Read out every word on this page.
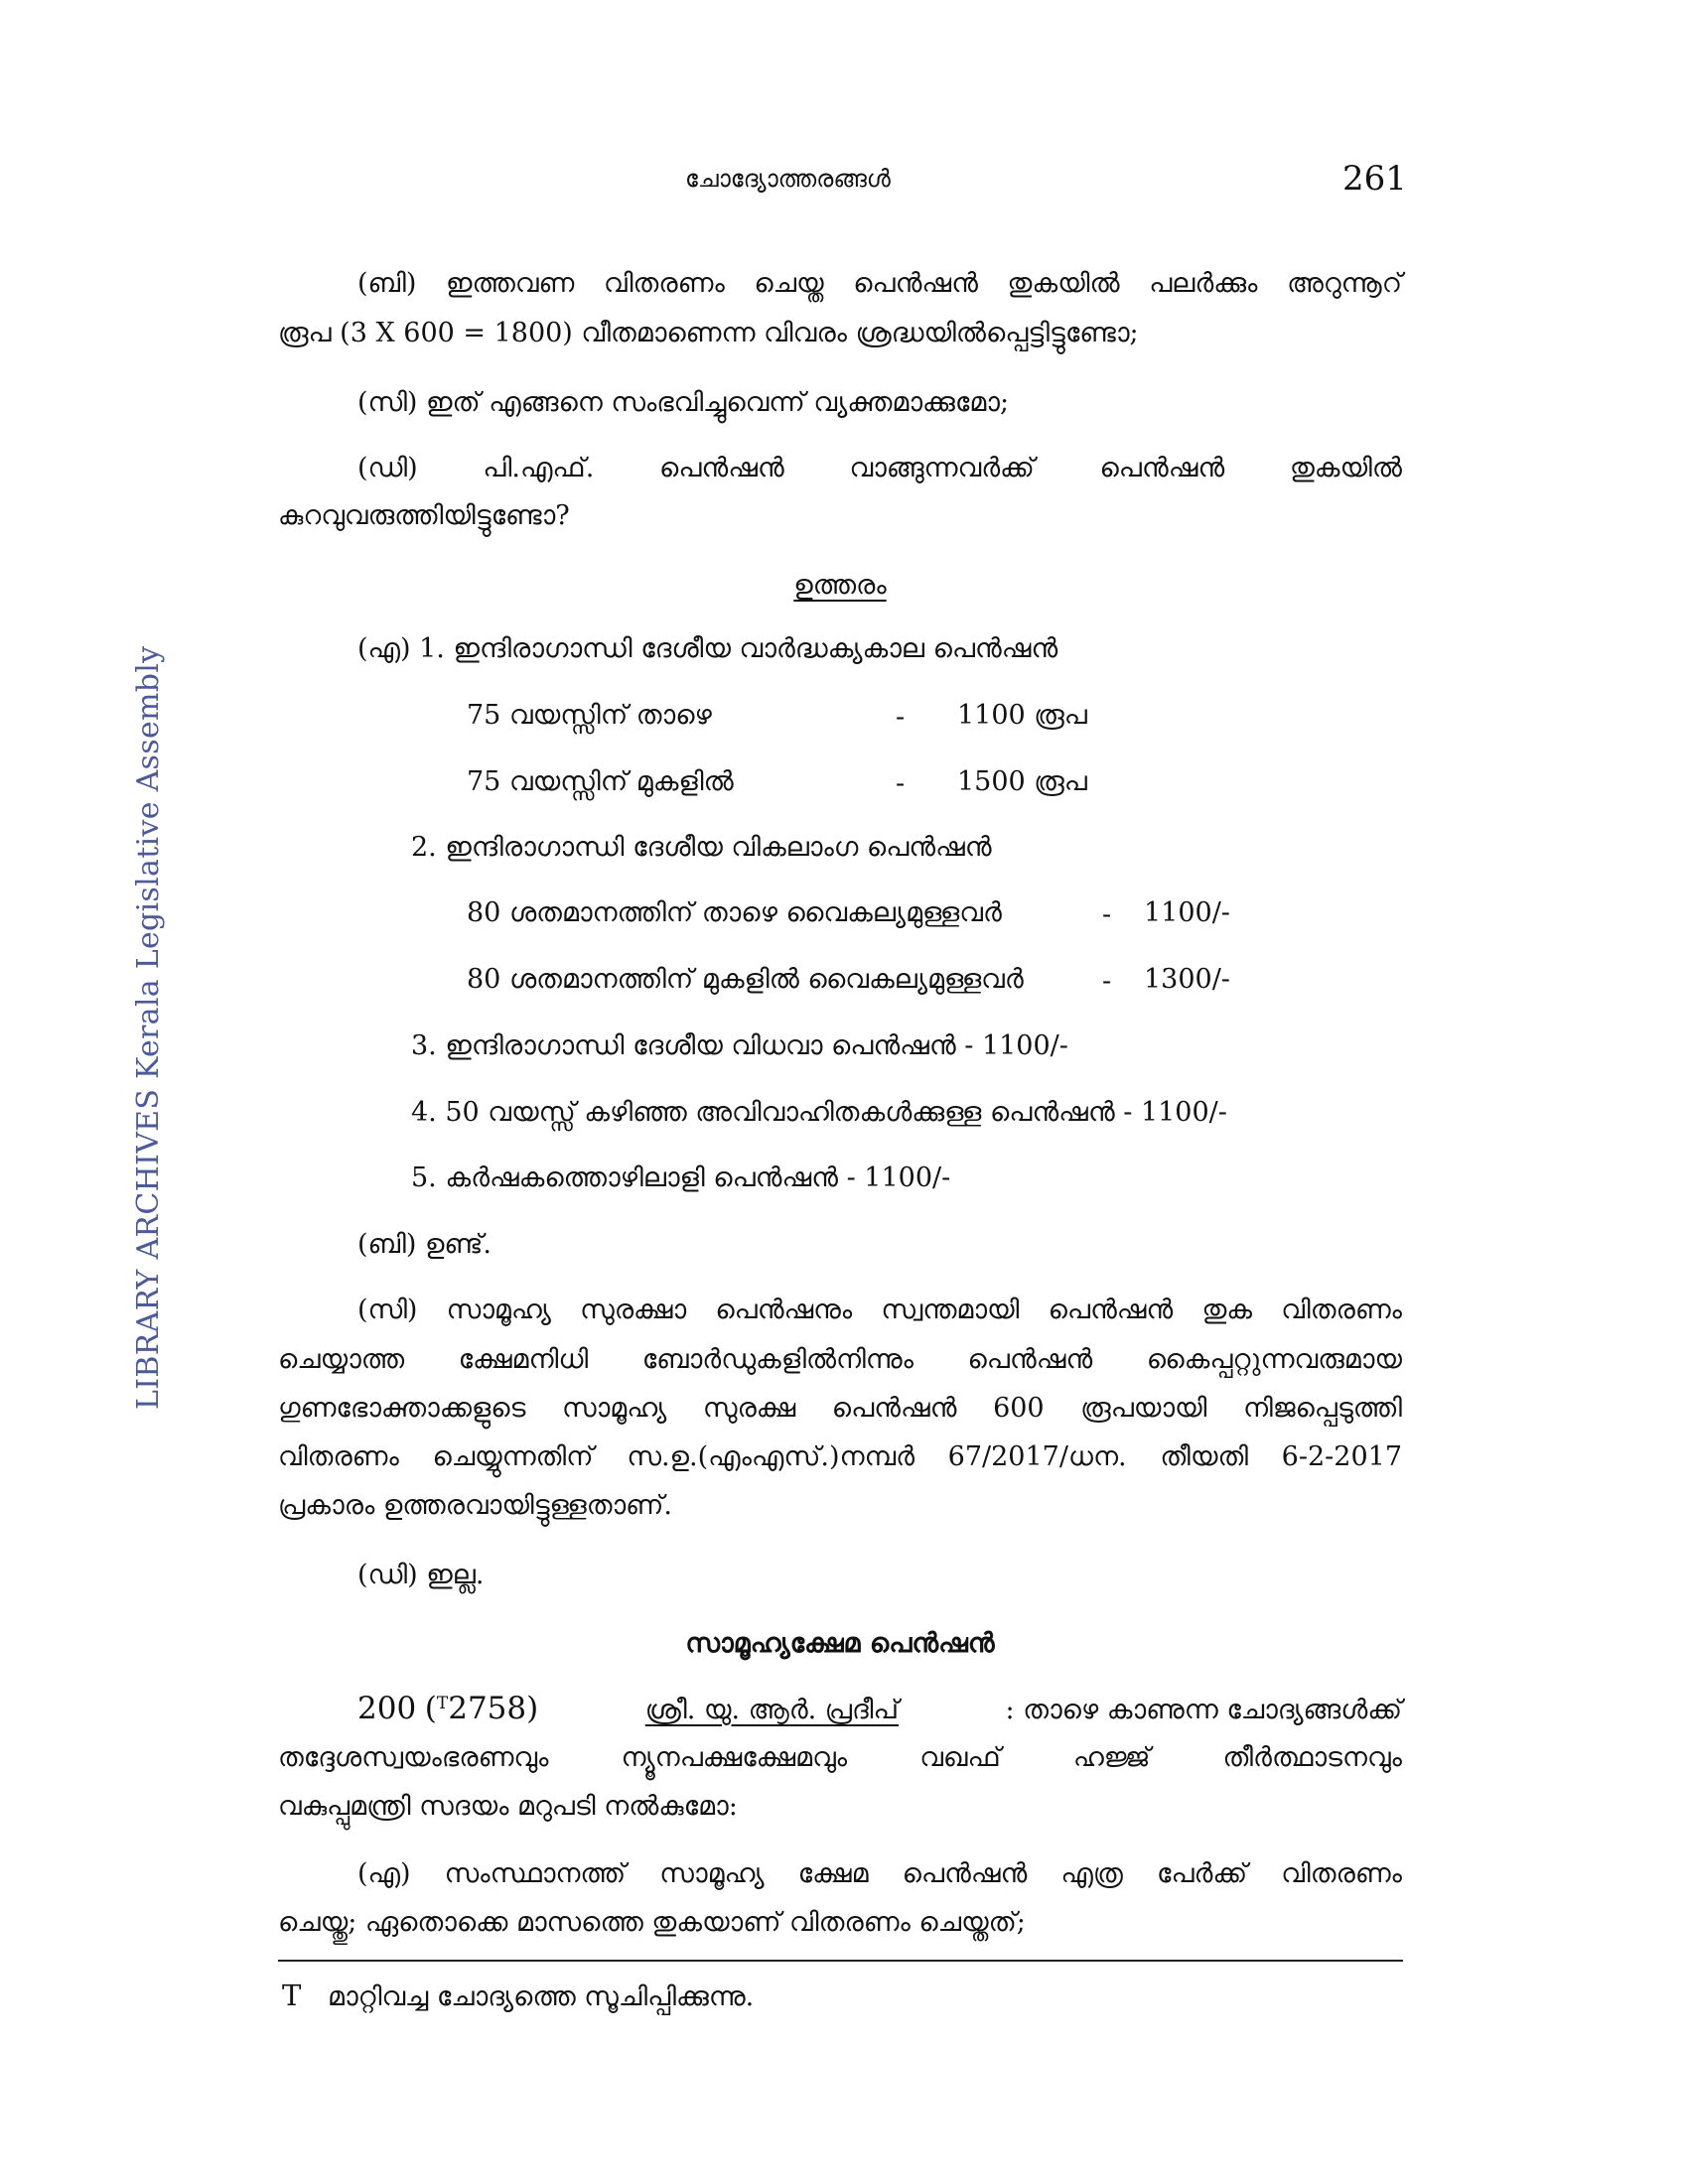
ചോദ്യോത്തരങ്ങൾ	261
LIBRARY ARCHIVES Kerala Legislative Assembly
(ബി) ഇത്തവണ വിതരണം ചെയ്ത പെൻഷൻ തുകയിൽ പലർക്കും അറുന്നൂറ്
രൂപ (3 X 600 = 1800) വീതമാണെന്ന വിവരം ശ്രദ്ധയിൽപ്പെട്ടിട്ടുണ്ടോ;
(സി) ഇത് എങ്ങനെ സംഭവിച്ചുവെന്ന് വ്യക്തമാക്കുമോ;
(ഡി) പി.എഫ്. പെൻഷൻ വാങ്ങുന്നവർക്ക് പെൻഷൻ തുകയിൽ
കുറവുവരുത്തിയിട്ടുണ്ടോ?
ഉത്തരം
(എ) 1. ഇന്ദിരാഗാന്ധി ദേശീയ വാർദ്ധക്യകാല പെൻഷൻ
75 വയസ്സിന് താഴെ	- 1100 രൂപ
75 വയസ്സിന് മുകളിൽ	- 1500 രൂപ
2. ഇന്ദിരാഗാന്ധി ദേശീയ വികലാംഗ പെൻഷൻ
80 ശതമാനത്തിന് താഴെ വൈകല്യമുള്ളവർ	- 1100/-
80 ശതമാനത്തിന് മുകളിൽ വൈകല്യമുള്ളവർ	- 1300/-
3. ഇന്ദിരാഗാന്ധി ദേശീയ വിധവാ പെൻഷൻ - 1100/-
4. 50 വയസ്സ് കഴിഞ്ഞ അവിവാഹിതകൾക്കുള്ള പെൻഷൻ - 1100/-
5. കർഷകത്തൊഴിലാളി പെൻഷൻ - 1100/-
(ബി) ഉണ്ട്.
(സി) സാമൂഹ്യ സുരക്ഷാ പെൻഷനും സ്വന്തമായി പെൻഷൻ തുക വിതരണം
ചെയ്യാത്ത ക്ഷേമനിധി ബോർഡുകളിൽനിന്നും പെൻഷൻ കൈപ്പറ്റുന്നവരുമായ
ഗുണഭോക്താക്കളുടെ സാമൂഹ്യ സുരക്ഷ പെൻഷൻ 600 രൂപയായി നിജപ്പെടുത്തി
വിതരണം ചെയ്യുന്നതിന് സ.ഉ.(എംഎസ്.)നമ്പർ 67/2017/ധന. തീയതി 6-2-2017
പ്രകാരം ഉത്തരവായിട്ടുള്ളതാണ്.
(ഡി) ഇല്ല.
സാമൂഹ്യക്ഷേമ പെൻഷൻ
200 ($^T$2758)	ശ്രീ. യു. ആർ. പ്രദീപ്	: താഴെ കാണുന്ന ചോദ്യങ്ങൾക്ക്
തദ്ദേശസ്വയംഭരണവും ന്യൂനപക്ഷക്ഷേമവും വഖഫ് ഹജ്ജ് തീർത്ഥാടനവും
വകുപ്പുമന്ത്രി സദയം മറുപടി നൽകുമോ:
(എ) സംസ്ഥാനത്ത് സാമൂഹ്യ ക്ഷേമ പെൻഷൻ എത്ര പേർക്ക് വിതരണം
ചെയ്തു; ഏതൊക്കെ മാസത്തെ തുകയാണ് വിതരണം ചെയ്തത്;
T മാറ്റിവച്ച ചോദ്യത്തെ സൂചിപ്പിക്കുന്നു.
